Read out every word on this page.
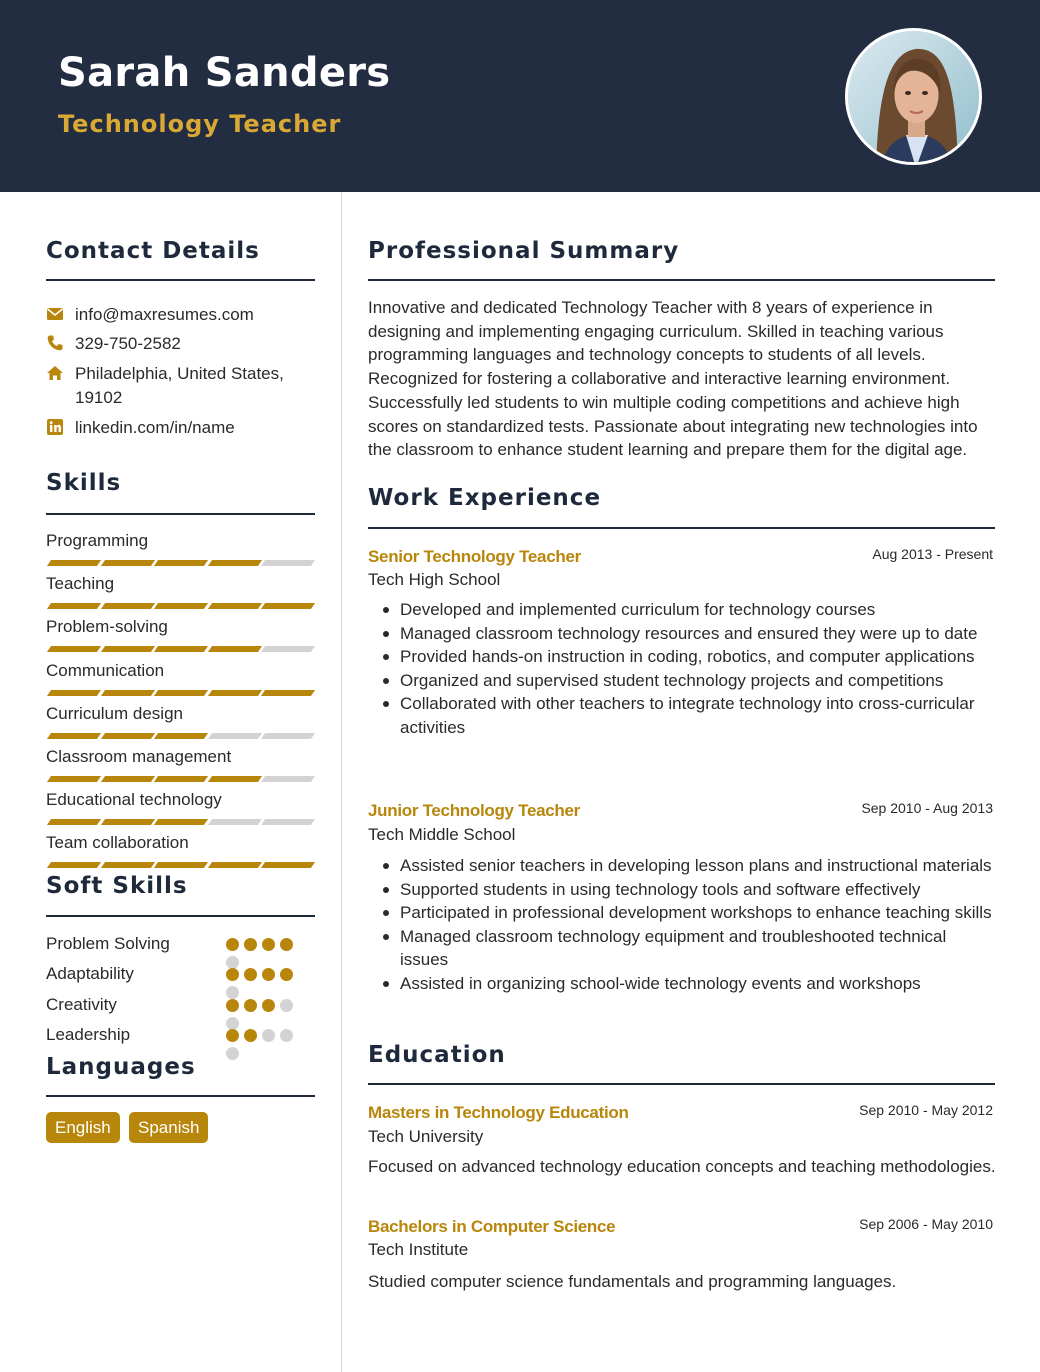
Sarah Sanders
Technology Teacher
Contact Details
info@maxresumes.com
329-750-2582
Philadelphia, United States, 19102
linkedin.com/in/name
Skills
Programming
Teaching
Problem-solving
Communication
Curriculum design
Classroom management
Educational technology
Team collaboration
Soft Skills
Problem Solving
Adaptability
Creativity
Leadership
Languages
English	Spanish
Professional Summary
Innovative and dedicated Technology Teacher with 8 years of experience in designing and implementing engaging curriculum. Skilled in teaching various programming languages and technology concepts to students of all levels. Recognized for fostering a collaborative and interactive learning environment. Successfully led students to win multiple coding competitions and achieve high scores on standardized tests. Passionate about integrating new technologies into the classroom to enhance student learning and prepare them for the digital age.
Work Experience
Senior Technology Teacher	Aug 2013 - Present
Tech High School
Developed and implemented curriculum for technology courses
Managed classroom technology resources and ensured they were up to date
Provided hands-on instruction in coding, robotics, and computer applications
Organized and supervised student technology projects and competitions
Collaborated with other teachers to integrate technology into cross-curricular activities
Junior Technology Teacher	Sep 2010 - Aug 2013
Tech Middle School
Assisted senior teachers in developing lesson plans and instructional materials
Supported students in using technology tools and software effectively
Participated in professional development workshops to enhance teaching skills
Managed classroom technology equipment and troubleshooted technical issues
Assisted in organizing school-wide technology events and workshops
Education
Masters in Technology Education	Sep 2010 - May 2012
Tech University
Focused on advanced technology education concepts and teaching methodologies.
Bachelors in Computer Science	Sep 2006 - May 2010
Tech Institute
Studied computer science fundamentals and programming languages.
